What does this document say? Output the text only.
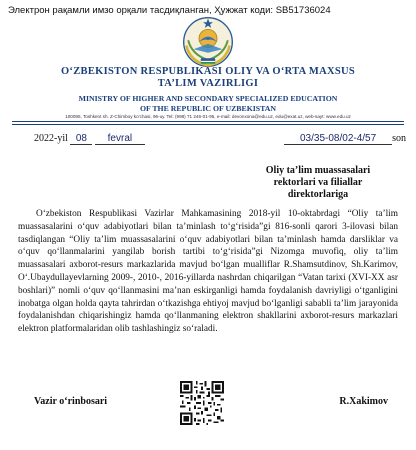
Электрон рақамли имзо орқали тасдиқланган, Ҳужжат коди: SB51736024
O‘ZBEKISTON RESPUBLIKASI OLIY VA O‘RTA MAXSUS
TA’LIM VAZIRLIGI
MINISTRY OF HIGHER AND SECONDARY SPECIALIZED EDUCATION
OF THE REPUBLIC OF UZBEKISTAN
100095, Toshkent sh. Z-Chimboy ko‘chasi, 96-uy. Tel: (998) 71 246-01-95, e-mail: devonxona@edu.uz, edu@exat.uz, web-sayt: www.edu.uz
2022-yil 08 fevral	03/35-08/02-4/57 son
Oliy ta’lim muassasalari
rektorlari va filiallar
direktorlariga
O‘zbekiston Respublikasi Vazirlar Mahkamasining 2018-yil 10-oktabrdagi “Oliy ta’lim muassasalarini o‘quv adabiyotlari bilan ta’minlash to‘g‘risida”gi 816-sonli qarori 3-ilovasi bilan tasdiqlangan “Oliy ta’lim muassasalarini o‘quv adabiyotlari bilan ta’minlash hamda darsliklar va o‘quv qo‘llanmalarini yangilab borish tartibi to‘g‘risida”gi Nizomga muvofiq, oliy ta’lim muassasalari axborot-resurs markazlarida mavjud bo‘lgan mualliflar R.Shamsutdinov, Sh.Karimov, O‘.Ubaydullayevlarning 2009-, 2010-, 2016-yillarda nashrdan chiqarilgan “Vatan tarixi (XVI-XX asr boshlari)” nomli o‘quv qo‘llanmasini ma’nan eskirganligi hamda foydalanish davriyligi o‘tganligini inobatga olgan holda qayta tahrirdan o‘tkazishga ehtiyoj mavjud bo‘lganligi sababli ta’lim jarayonida foydalanishdan chiqarishingiz hamda qo‘llanmaning elektron shakllarini axborot-resurs markazlari elektron platformalaridan olib tashlashingiz so‘raladi.
Vazir o‘rinbosari	R.Xakimov
